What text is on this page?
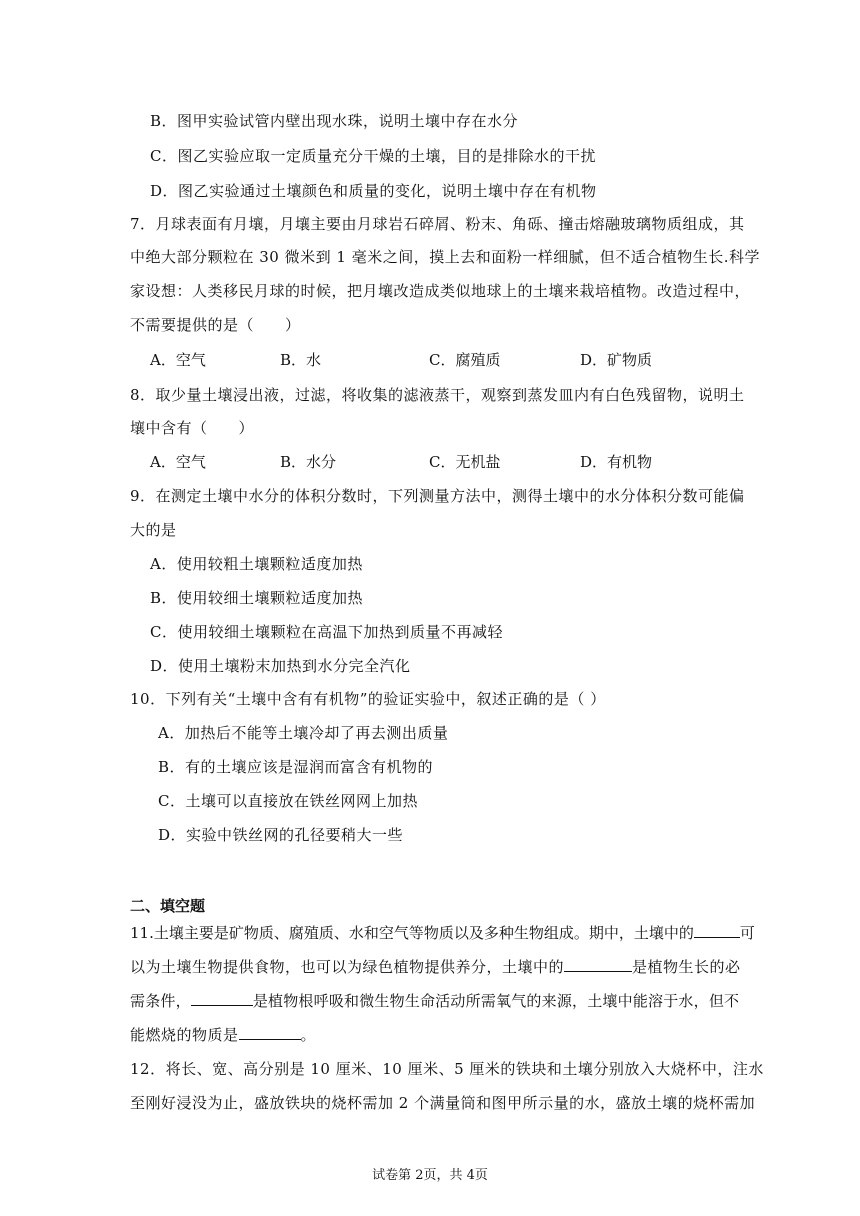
B．图甲实验试管内壁出现水珠，说明土壤中存在水分
C．图乙实验应取一定质量充分干燥的土壤，目的是排除水的干扰
D．图乙实验通过土壤颜色和质量的变化，说明土壤中存在有机物
7．月球表面有月壤，月壤主要由月球岩石碎屑、粉末、角砾、撞击熔融玻璃物质组成，其
中绝大部分颗粒在 30 微米到 1 毫米之间，摸上去和面粉一样细腻，但不适合植物生长.科学
家设想：人类移民月球的时候，把月壤改造成类似地球上的土壤来栽培植物。改造过程中，
不需要提供的是（　　）
A．空气	B．水	C．腐殖质	D．矿物质
8．取少量土壤浸出液，过滤，将收集的滤液蒸干，观察到蒸发皿内有白色残留物，说明土
壤中含有（　　）
A．空气	B．水分	C．无机盐	D．有机物
9．在测定土壤中水分的体积分数时，下列测量方法中，测得土壤中的水分体积分数可能偏
大的是
A．使用较粗土壤颗粒适度加热
B．使用较细土壤颗粒适度加热
C．使用较细土壤颗粒在高温下加热到质量不再减轻
D．使用土壤粉末加热到水分完全汽化
10．下列有关“土壤中含有有机物”的验证实验中，叙述正确的是（ ）
A．加热后不能等土壤冷却了再去测出质量
B．有的土壤应该是湿润而富含有机物的
C．土壤可以直接放在铁丝网网上加热
D．实验中铁丝网的孔径要稍大一些
二、填空题
11.土壤主要是矿物质、腐殖质、水和空气等物质以及多种生物组成。期中，土壤中的	可
以为土壤生物提供食物，也可以为绿色植物提供养分，土壤中的	是植物生长的必
需条件，	是植物根呼吸和微生物生命活动所需氧气的来源，土壤中能溶于水，但不
能燃烧的物质是	。
12．将长、宽、高分别是 10 厘米、10 厘米、5 厘米的铁块和土壤分别放入大烧杯中，注水
至刚好浸没为止，盛放铁块的烧杯需加 2 个满量筒和图甲所示量的水，盛放土壤的烧杯需加
试卷第 2页，共 4页
